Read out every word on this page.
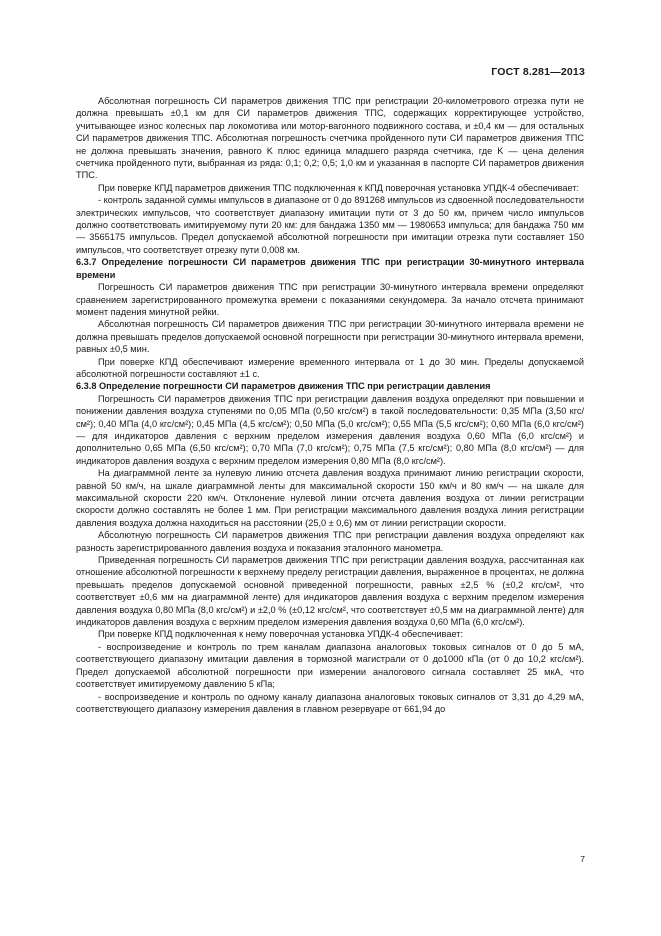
ГОСТ 8.281—2013

Абсолютная погрешность СИ параметров движения ТПС при регистрации 20-километрового отрезка пути не должна превышать ±0,1 км для СИ параметров движения ТПС, содержащих корректирующее устройство, учитывающее износ колесных пар локомотива или мотор-вагонного подвижного состава, и ±0,4 км — для остальных СИ параметров движения ТПС. Абсолютная погрешность счетчика пройденного пути СИ параметров движения ТПС не должна превышать значения, равного K плюс единица младшего разряда счетчика, где K — цена деления счетчика пройденного пути, выбранная из ряда: 0,1; 0,2; 0,5; 1,0 км и указанная в паспорте СИ параметров движения ТПС.

При поверке КПД параметров движения ТПС подключенная к КПД поверочная установка УПДК-4 обеспечивает:

- контроль заданной суммы импульсов в диапазоне от 0 до 891268 импульсов из сдвоенной последовательности электрических импульсов, что соответствует диапазону имитации пути от 3 до 50 км, причем число импульсов должно соответствовать имитируемому пути 20 км: для бандажа 1350 мм — 1980653 импульса; для бандажа 750 мм — 3565175 импульсов. Предел допускаемой абсолютной погрешности при имитации отрезка пути составляет 150 импульсов, что соответствует отрезку пути 0,008 км.

6.3.7 Определение погрешности СИ параметров движения ТПС при регистрации 30-минутного интервала времени

Погрешность СИ параметров движения ТПС при регистрации 30-минутного интервала времени определяют сравнением зарегистрированного промежутка времени с показаниями секундомера. За начало отсчета принимают момент падения минутной рейки.

Абсолютная погрешность СИ параметров движения ТПС при регистрации 30-минутного интервала времени не должна превышать пределов допускаемой основной погрешности при регистрации 30-минутного интервала времени, равных ±0,5 мин.

При поверке КПД обеспечивают измерение временного интервала от 1 до 30 мин. Пределы допускаемой абсолютной погрешности составляют ±1 с.

6.3.8 Определение погрешности СИ параметров движения ТПС при регистрации давления

Погрешность СИ параметров движения ТПС при регистрации давления воздуха определяют при повышении и понижении давления воздуха ступенями по 0,05 МПа (0,50 кгс/см²) в такой последовательности: 0,35 МПа (3,50 кгс/см²); 0,40 МПа (4,0 кгс/см²); 0,45 МПа (4,5 кгс/см²); 0,50 МПа (5,0 кгс/см²); 0,55 МПа (5,5 кгс/см²); 0,60 МПа (6,0 кгс/см²) — для индикаторов давления с верхним пределом измерения давления воздуха 0,60 МПа (6,0 кгс/см²) и дополнительно 0,65 МПа (6,50 кгс/см²); 0,70 МПа (7,0 кгс/см²); 0,75 МПа (7,5 кгс/см²); 0,80 МПа (8,0 кгс/см²) — для индикаторов давления воздуха с верхним пределом измерения 0,80 МПа (8,0 кгс/см²).

На диаграммной ленте за нулевую линию отсчета давления воздуха принимают линию регистрации скорости, равной 50 км/ч, на шкале диаграммной ленты для максимальной скорости 150 км/ч и 80 км/ч — на шкале для максимальной скорости 220 км/ч. Отклонение нулевой линии отсчета давления воздуха от линии регистрации скорости должно составлять не более 1 мм. При регистрации максимального давления воздуха линия регистрации давления воздуха должна находиться на расстоянии (25,0 ± 0,6) мм от линии регистрации скорости.

Абсолютную погрешность СИ параметров движения ТПС при регистрации давления воздуха определяют как разность зарегистрированного давления воздуха и показания эталонного манометра.

Приведенная погрешность СИ параметров движения ТПС при регистрации давления воздуха, рассчитанная как отношение абсолютной погрешности к верхнему пределу регистрации давления, выраженное в процентах, не должна превышать пределов допускаемой основной приведенной погрешности, равных ±2,5 % (±0,2 кгс/см², что соответствует ±0,6 мм на диаграммной ленте) для индикаторов давления воздуха с верхним пределом измерения давления воздуха 0,80 МПа (8,0 кгс/см²) и ±2,0 % (±0,12 кгс/см², что соответствует ±0,5 мм на диаграммной ленте) для индикаторов давления воздуха с верхним пределом измерения давления воздуха 0,60 МПа (6,0 кгс/см²).

При поверке КПД подключенная к нему поверочная установка УПДК-4 обеспечивает:

- воспроизведение и контроль по трем каналам диапазона аналоговых токовых сигналов от 0 до 5 мА, соответствующего диапазону имитации давления в тормозной магистрали от 0 до1000 кПа (от 0 до 10,2 кгс/см²). Предел допускаемой абсолютной погрешности при измерении аналогового сигнала составляет 25 мкА, что соответствует имитируемому давлению 5 кПа;

- воспроизведение и контроль по одному каналу диапазона аналоговых токовых сигналов от 3,31 до 4,29 мА, соответствующего диапазону измерения давления в главном резервуаре от 661,94 до

7
